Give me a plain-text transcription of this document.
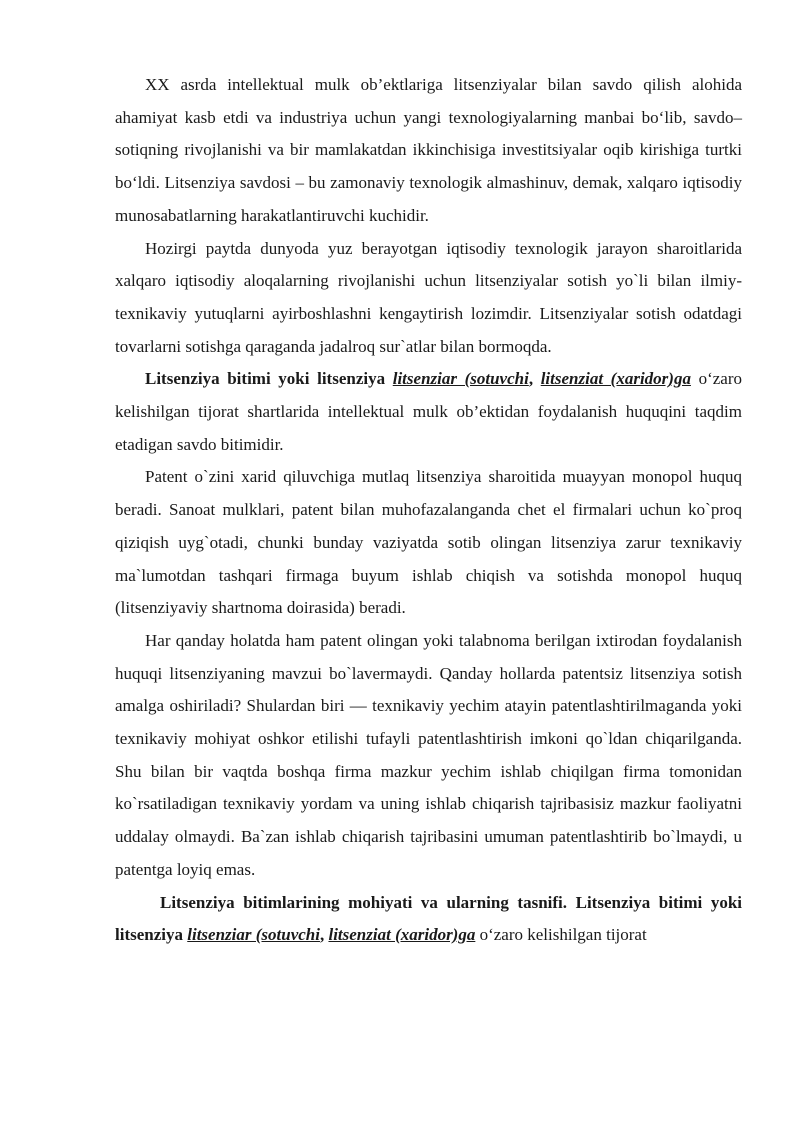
XX asrda intellektual mulk ob’ektlariga litsenziyalar bilan savdo qilish alohida ahamiyat kasb etdi va industriya uchun yangi texnologiyalarning manbai bo‘lib, savdo–sotiqning rivojlanishi va bir mamlakatdan ikkinchisiga investitsiyalar oqib kirishiga turtki bo‘ldi. Litsenziya savdosi – bu zamonaviy texnologik almashinuv, demak, xalqaro iqtisodiy munosabatlarning harakatlantiruvchi kuchidir.

Hozirgi paytda dunyoda yuz berayotgan iqtisodiy texnologik jarayon sharoitlarida xalqaro iqtisodiy aloqalarning rivojlanishi uchun litsenziyalar sotish yo`li bilan ilmiy-texnikaviy yutuqlarni ayirboshlashni kengaytirish lozimdir. Litsenziyalar sotish odatdagi tovarlarni sotishga qaraganda jadalroq sur`atlar bilan bormoqda.

Litsenziya bitimi yoki litsenziya litsenziar (sotuvchi, litsenziat (xaridor)ga o‘zaro kelishilgan tijorat shartlarida intellektual mulk ob’ektidan foydalanish huquqini taqdim etadigan savdo bitimidir.

Patent o`zini xarid qiluvchiga mutlaq litsenziya sharoitida muayyan monopol huquq beradi. Sanoat mulklari, patent bilan muhofazalanganda chet el firmalari uchun ko`proq qiziqish uyg`otadi, chunki bunday vaziyatda sotib olingan litsenziya zarur texnikaviy ma`lumotdan tashqari firmaga buyum ishlab chiqish va sotishda monopol huquq (litsenziyaviy shartnoma doirasida) beradi.

Har qanday holatda ham patent olingan yoki talabnoma berilgan ixtirodan foydalanish huquqi litsenziyaning mavzui bo`lavermaydi. Qanday hollarda patentsiz litsenziya sotish amalga oshiriladi? Shulardan biri — texnikaviy yechim atayin patentlashtirilmaganda yoki texnikaviy mohiyat oshkor etilishi tufayli patentlashtirish imkoni qo`ldan chiqarilganda. Shu bilan bir vaqtda boshqa firma mazkur yechim ishlab chiqilgan firma tomonidan ko`rsatiladigan texnikaviy yordam va uning ishlab chiqarish tajribasisiz mazkur faoliyatni uddalay olmaydi. Ba`zan ishlab chiqarish tajribasini umuman patentlashtirib bo`lmaydi, u patentga loyiq emas.

Litsenziya bitimlarining mohiyati va ularning tasnifi. Litsenziya bitimi yoki litsenziya litsenziar (sotuvchi, litsenziat (xaridor)ga o‘zaro kelishilgan tijorat
